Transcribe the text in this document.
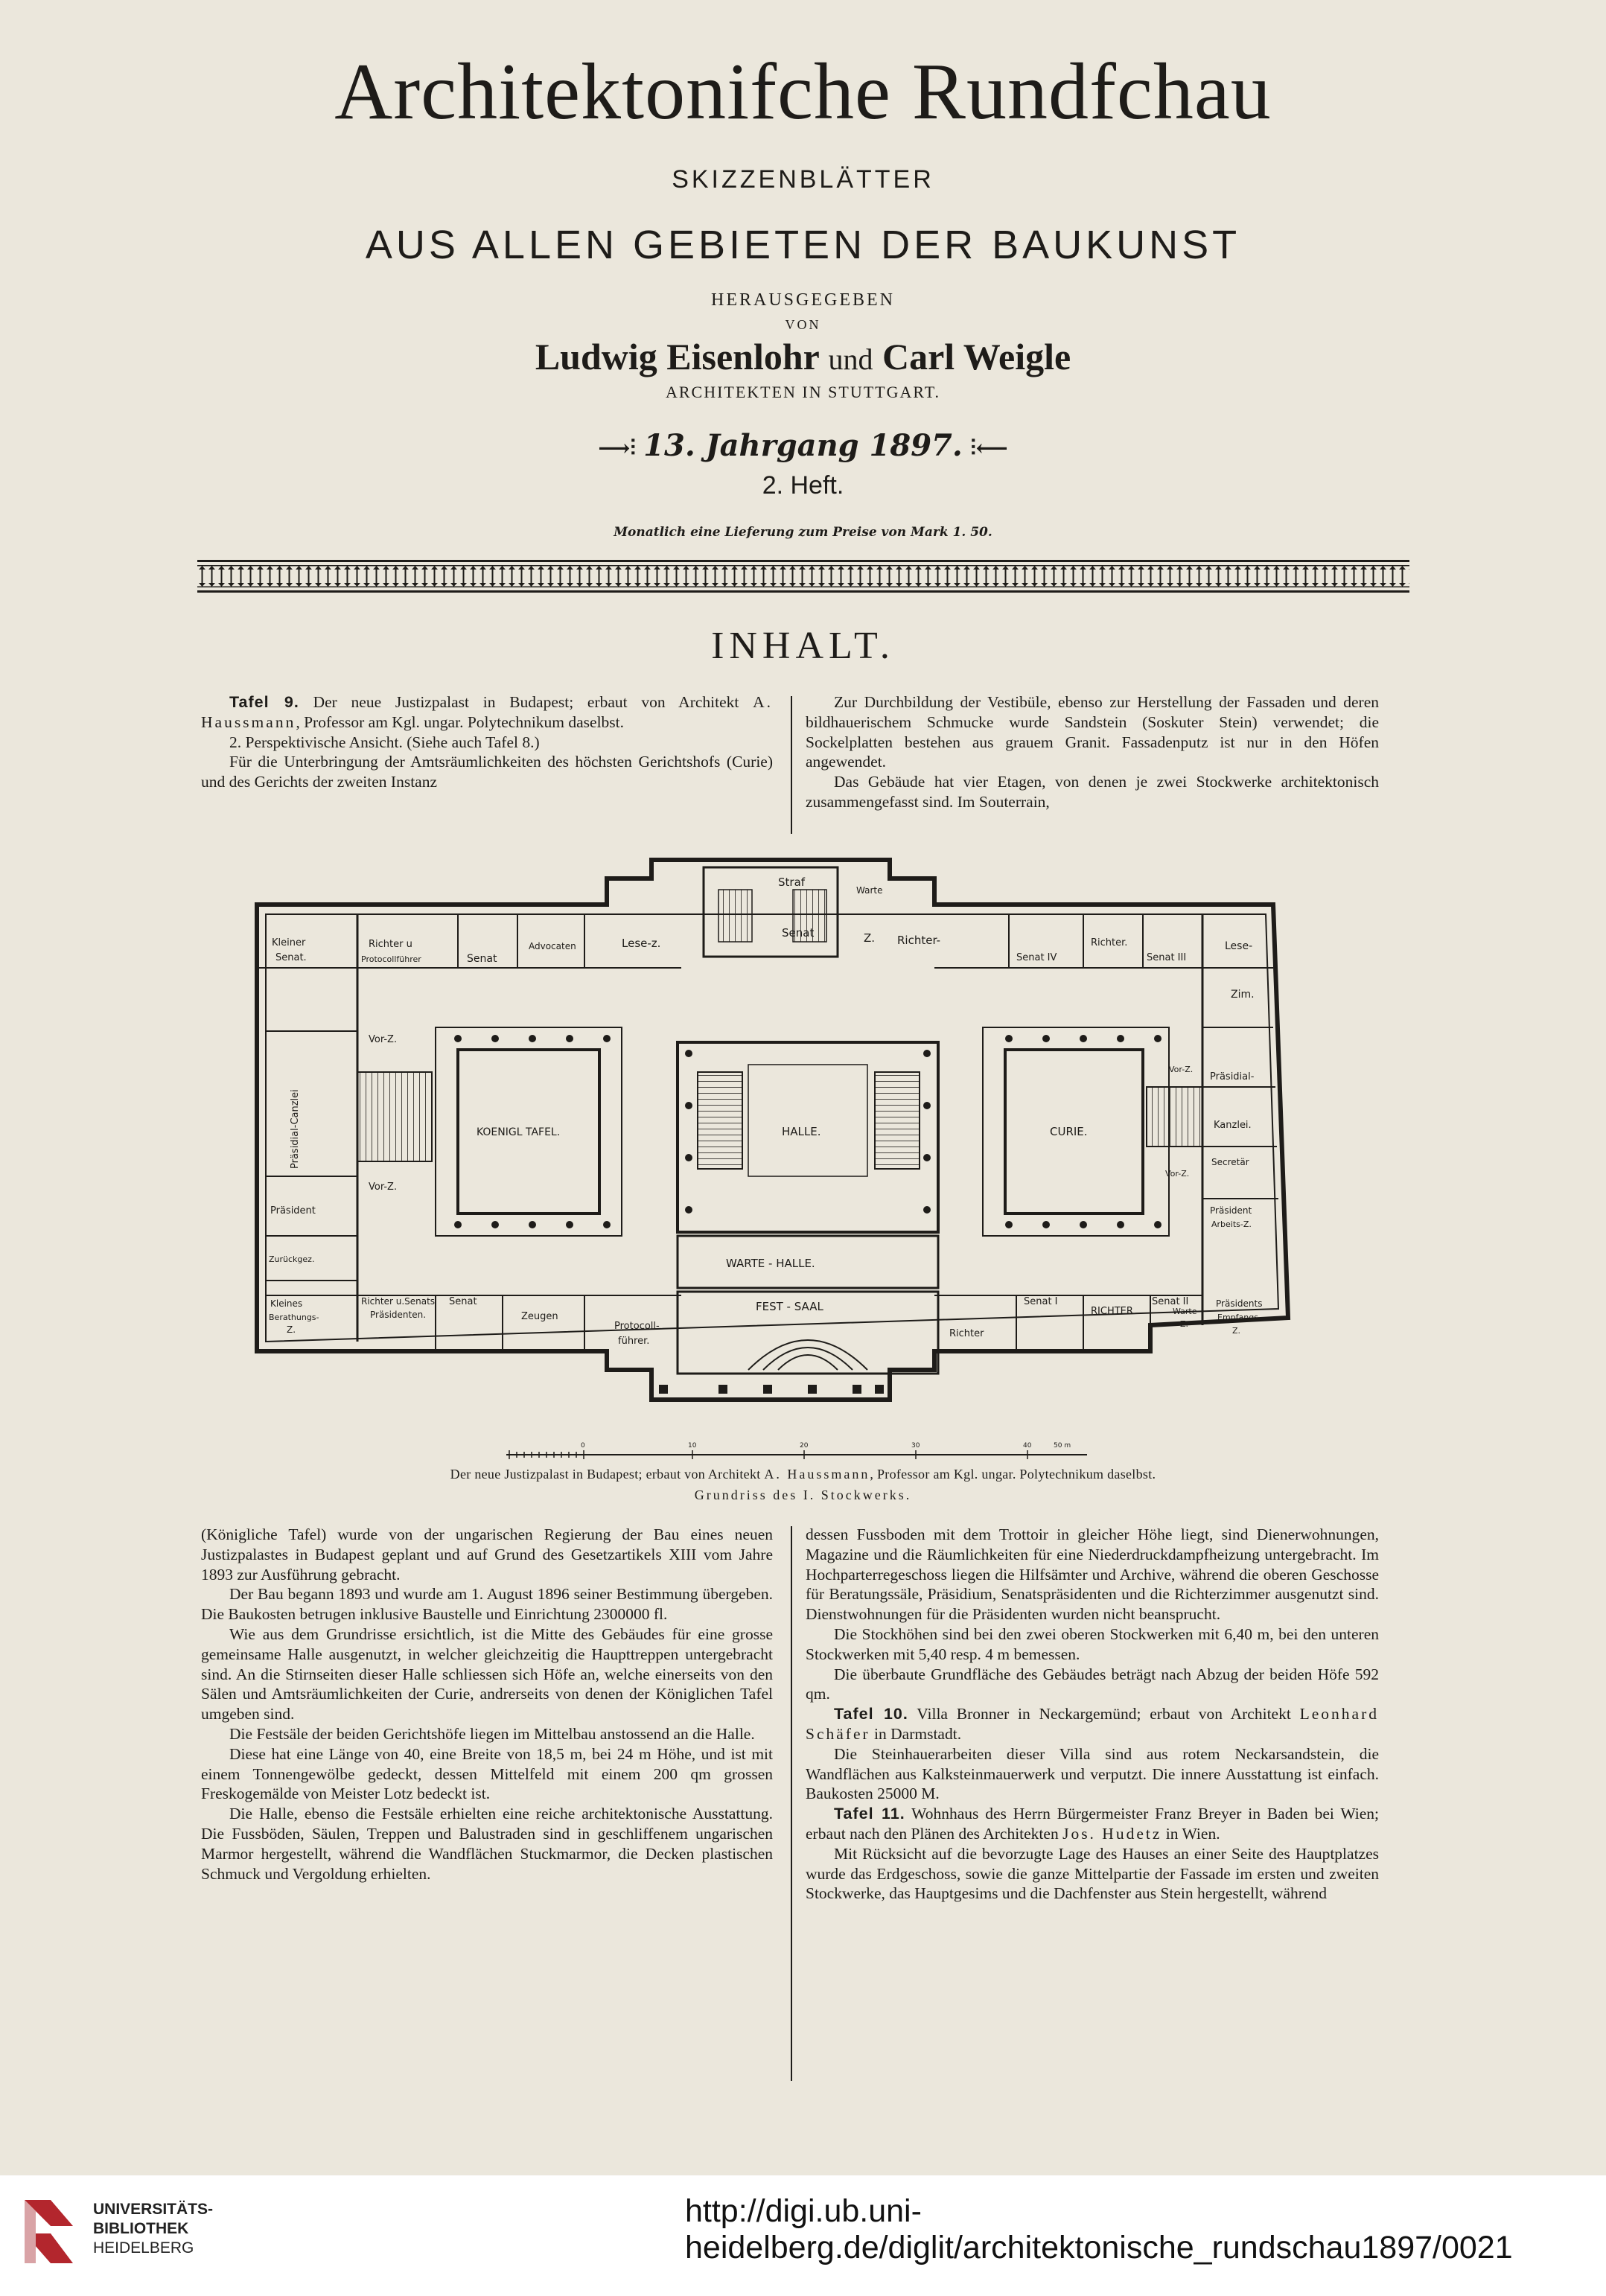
Architektonifche Rundfchau
SKIZZENBLÄTTER
AUS ALLEN GEBIETEN DER BAUKUNST
HERAUSGEGEBEN
VON
Ludwig Eisenlohr und Carl Weigle
ARCHITEKTEN IN STUTTGART.
⟶⫶ 13. Jahrgang 1897. ⫶⟵
2. Heft.
Monatlich eine Lieferung zum Preise von Mark 1. 50.
INHALT.

Tafel 9. Der neue Justizpalast in Budapest; erbaut von Architekt A. Haussmann, Professor am Kgl. ungar. Polytechnikum daselbst.

2. Perspektivische Ansicht. (Siehe auch Tafel 8.)

Für die Unterbringung der Amtsräumlichkeiten des höchsten Gerichtshofs (Curie) und des Gerichts der zweiten Instanz

Zur Durchbildung der Vestibüle, ebenso zur Herstellung der Fassaden und deren bildhauerischem Schmucke wurde Sandstein (Soskuter Stein) verwendet; die Sockelplatten bestehen aus grauem Granit. Fassadenputz ist nur in den Höfen angewendet.

Das Gebäude hat vier Etagen, von denen je zwei Stockwerke architektonisch zusammengefasst sind. Im Souterrain,

Lese-z.
Straf
Senat
Warte
Z. Richter-
Kleiner
Senat.
Richter u
Protocollführer	Senat
Advocaten
Senat IV
Richter.
Senat III
Lese-
Zim.
Präsidial-Canzlei
Vor-Z.
KOENIGL TAFEL.	HALLE.	CURIE.
Vor-Z.
Präsidial-
Kanzlei.
Secretär
Vor-Z.
Vor-Z.
Präsident	Präsident
Arbeits-Z.
Zurückgez.	WARTE - HALLE.
Kleines
Berathungs-
Z.
Richter u.Senats
Präsidenten.
Senat
Zeugen
FEST - SAAL
Protocoll-
führer.
Richter
Senat I
RICHTER
Senat II
Warte-
Z.
Präsidents
Empfangs-
Z.
0	10	20	30	40	50 m
Der neue Justizpalast in Budapest; erbaut von Architekt A. Haussmann, Professor am Kgl. ungar. Polytechnikum daselbst.
Grundriss des I. Stockwerks.

(Königliche Tafel) wurde von der ungarischen Regierung der Bau eines neuen Justizpalastes in Budapest geplant und auf Grund des Gesetzartikels XIII vom Jahre 1893 zur Ausführung gebracht.

Der Bau begann 1893 und wurde am 1. August 1896 seiner Bestimmung übergeben. Die Baukosten betrugen inklusive Baustelle und Einrichtung 2300000 fl.

Wie aus dem Grundrisse ersichtlich, ist die Mitte des Gebäudes für eine grosse gemeinsame Halle ausgenutzt, in welcher gleichzeitig die Haupttreppen untergebracht sind. An die Stirnseiten dieser Halle schliessen sich Höfe an, welche einerseits von den Sälen und Amtsräumlichkeiten der Curie, andrerseits von denen der Königlichen Tafel umgeben sind.

Die Festsäle der beiden Gerichtshöfe liegen im Mittelbau anstossend an die Halle.

Diese hat eine Länge von 40, eine Breite von 18,5 m, bei 24 m Höhe, und ist mit einem Tonnengewölbe gedeckt, dessen Mittelfeld mit einem 200 qm grossen Freskogemälde von Meister Lotz bedeckt ist.

Die Halle, ebenso die Festsäle erhielten eine reiche architektonische Ausstattung. Die Fussböden, Säulen, Treppen und Balustraden sind in geschliffenem ungarischen Marmor hergestellt, während die Wandflächen Stuckmarmor, die Decken plastischen Schmuck und Vergoldung erhielten.

dessen Fussboden mit dem Trottoir in gleicher Höhe liegt, sind Dienerwohnungen, Magazine und die Räumlichkeiten für eine Niederdruckdampfheizung untergebracht. Im Hochparterregeschoss liegen die Hilfsämter und Archive, während die oberen Geschosse für Beratungssäle, Präsidium, Senatspräsidenten und die Richterzimmer ausgenutzt sind. Dienstwohnungen für die Präsidenten wurden nicht beansprucht.

Die Stockhöhen sind bei den zwei oberen Stockwerken mit 6,40 m, bei den unteren Stockwerken mit 5,40 resp. 4 m bemessen.

Die überbaute Grundfläche des Gebäudes beträgt nach Abzug der beiden Höfe 592 qm.

Tafel 10. Villa Bronner in Neckargemünd; erbaut von Architekt Leonhard Schäfer in Darmstadt.

Die Steinhauerarbeiten dieser Villa sind aus rotem Neckarsandstein, die Wandflächen aus Kalksteinmauerwerk und verputzt. Die innere Ausstattung ist einfach. Baukosten 25000 M.

Tafel 11. Wohnhaus des Herrn Bürgermeister Franz Breyer in Baden bei Wien; erbaut nach den Plänen des Architekten Jos. Hudetz in Wien.

Mit Rücksicht auf die bevorzugte Lage des Hauses an einer Seite des Hauptplatzes wurde das Erdgeschoss, sowie die ganze Mittelpartie der Fassade im ersten und zweiten Stockwerke, das Hauptgesims und die Dachfenster aus Stein hergestellt, während

UNIVERSITÄTS-
BIBLIOTHEK
HEIDELBERG
http://digi.ub.uni-heidelberg.de/diglit/architektonische_rundschau1897/0021
